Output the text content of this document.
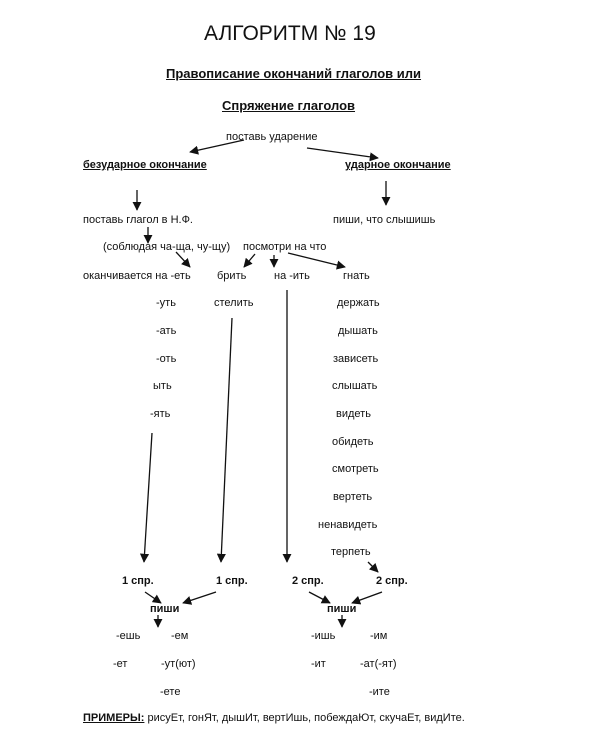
АЛГОРИТМ № 19
Правописание окончаний глаголов или
Спряжение глаголов
поставь ударение
безударное окончание	ударное окончание
поставь глагол в Н.Ф.	пиши, что слышишь
(соблюдая ча-ща, чу-щу) посмотри на что
оканчивается на -еть брить	на -ить
-уть
-ать
-оть
ыть
-ять
стелить
гнать
держать
дышать
зависеть
слышать
видеть
обидеть
смотреть
вертеть
ненавидеть
терпеть
1 спр.	1 спр.	2 спр.	2 спр.
пиши	пиши
-ешь	-ем
-ет	-ут(ют)
-ете
-ишь	-им
-ит	-ат(-ят)
-ите
ПРИМЕРЫ: рисуЕт, гонЯт, дышИт, вертИшь, побеждаЮт, скучаЕт, видИте.
